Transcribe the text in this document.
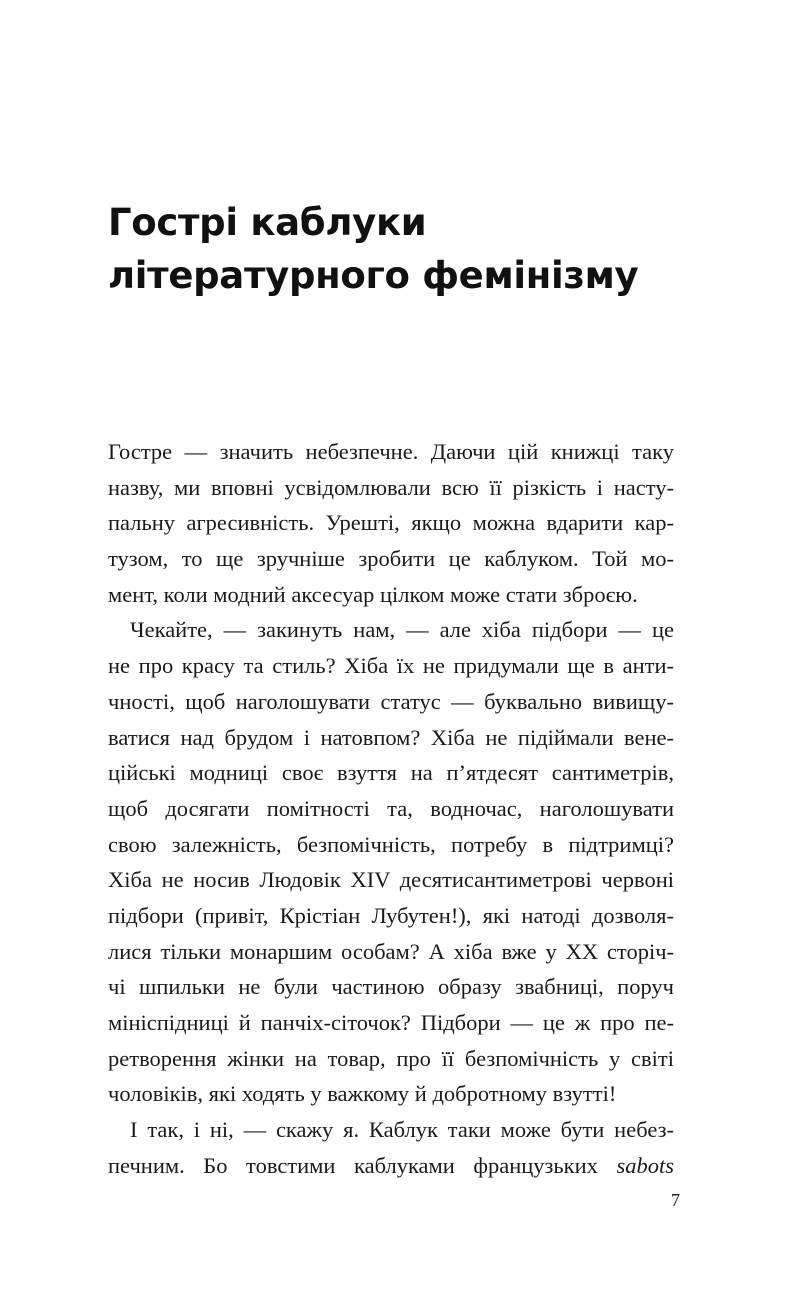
Гострі каблуки
літературного фемінізму
Гостре — значить небезпечне. Даючи цій книжці таку
назву, ми вповні усвідомлювали всю її різкість і насту-
пальну агресивність. Урешті, якщо можна вдарити кар-
тузом, то ще зручніше зробити це каблуком. Той мо-
мент, коли модний аксесуар цілком може стати зброєю.
Чекайте, — закинуть нам, — але хіба підбори — це
не про красу та стиль? Хіба їх не придумали ще в анти-
чності, щоб наголошувати статус — буквально вивищу-
ватися над брудом і натовпом? Хіба не підіймали вене-
ційські модниці своє взуття на п’ятдесят сантиметрів,
щоб досягати помітності та, водночас, наголошувати
свою залежність, безпомічність, потребу в підтримці?
Хіба не носив Людовік XIV десятисантиметрові червоні
підбори (привіт, Крістіан Лубутен!), які натоді дозволя-
лися тільки монаршим особам? А хіба вже у XX сторіч-
чі шпильки не були частиною образу звабниці, поруч
мініспідниці й панчіх-сіточок? Підбори — це ж про пе-
ретворення жінки на товар, про її безпомічність у світі
чоловіків, які ходять у важкому й добротному взутті!
І так, і ні, — скажу я. Каблук таки може бути небез-
печним. Бо товстими каблуками французьких sabots
7
